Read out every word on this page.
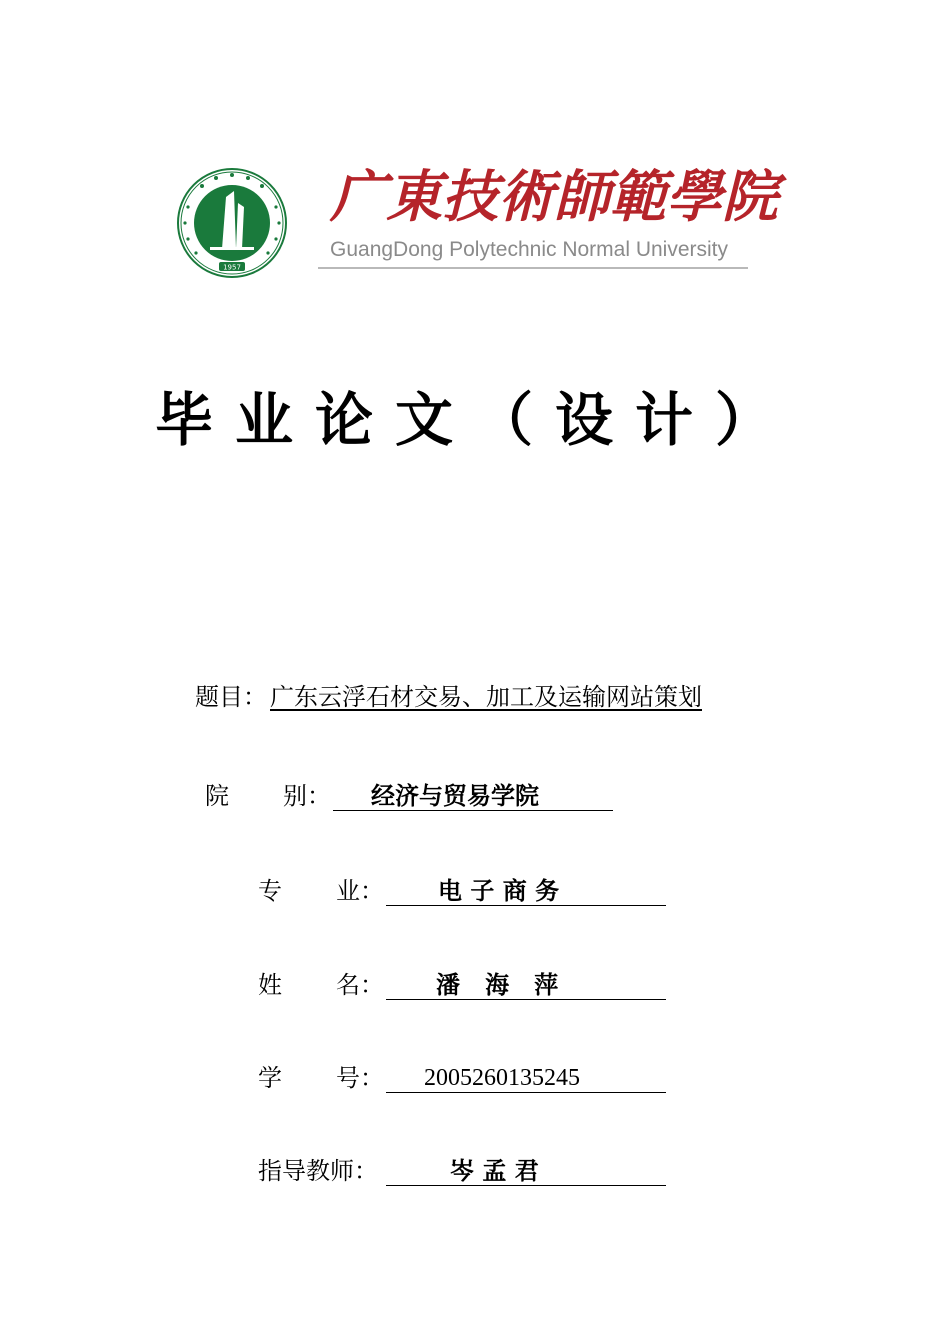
1957
广東技術師範學院
GuangDong Polytechnic Normal University
毕业论文（设计）
题目： 广东云浮石材交易、加工及运输网站策划
院 别： 经济与贸易学院
专 业： 电 子 商 务
姓 名： 潘   海   萍
学 号： 2005260135245
指导教师：	岑 孟 君
